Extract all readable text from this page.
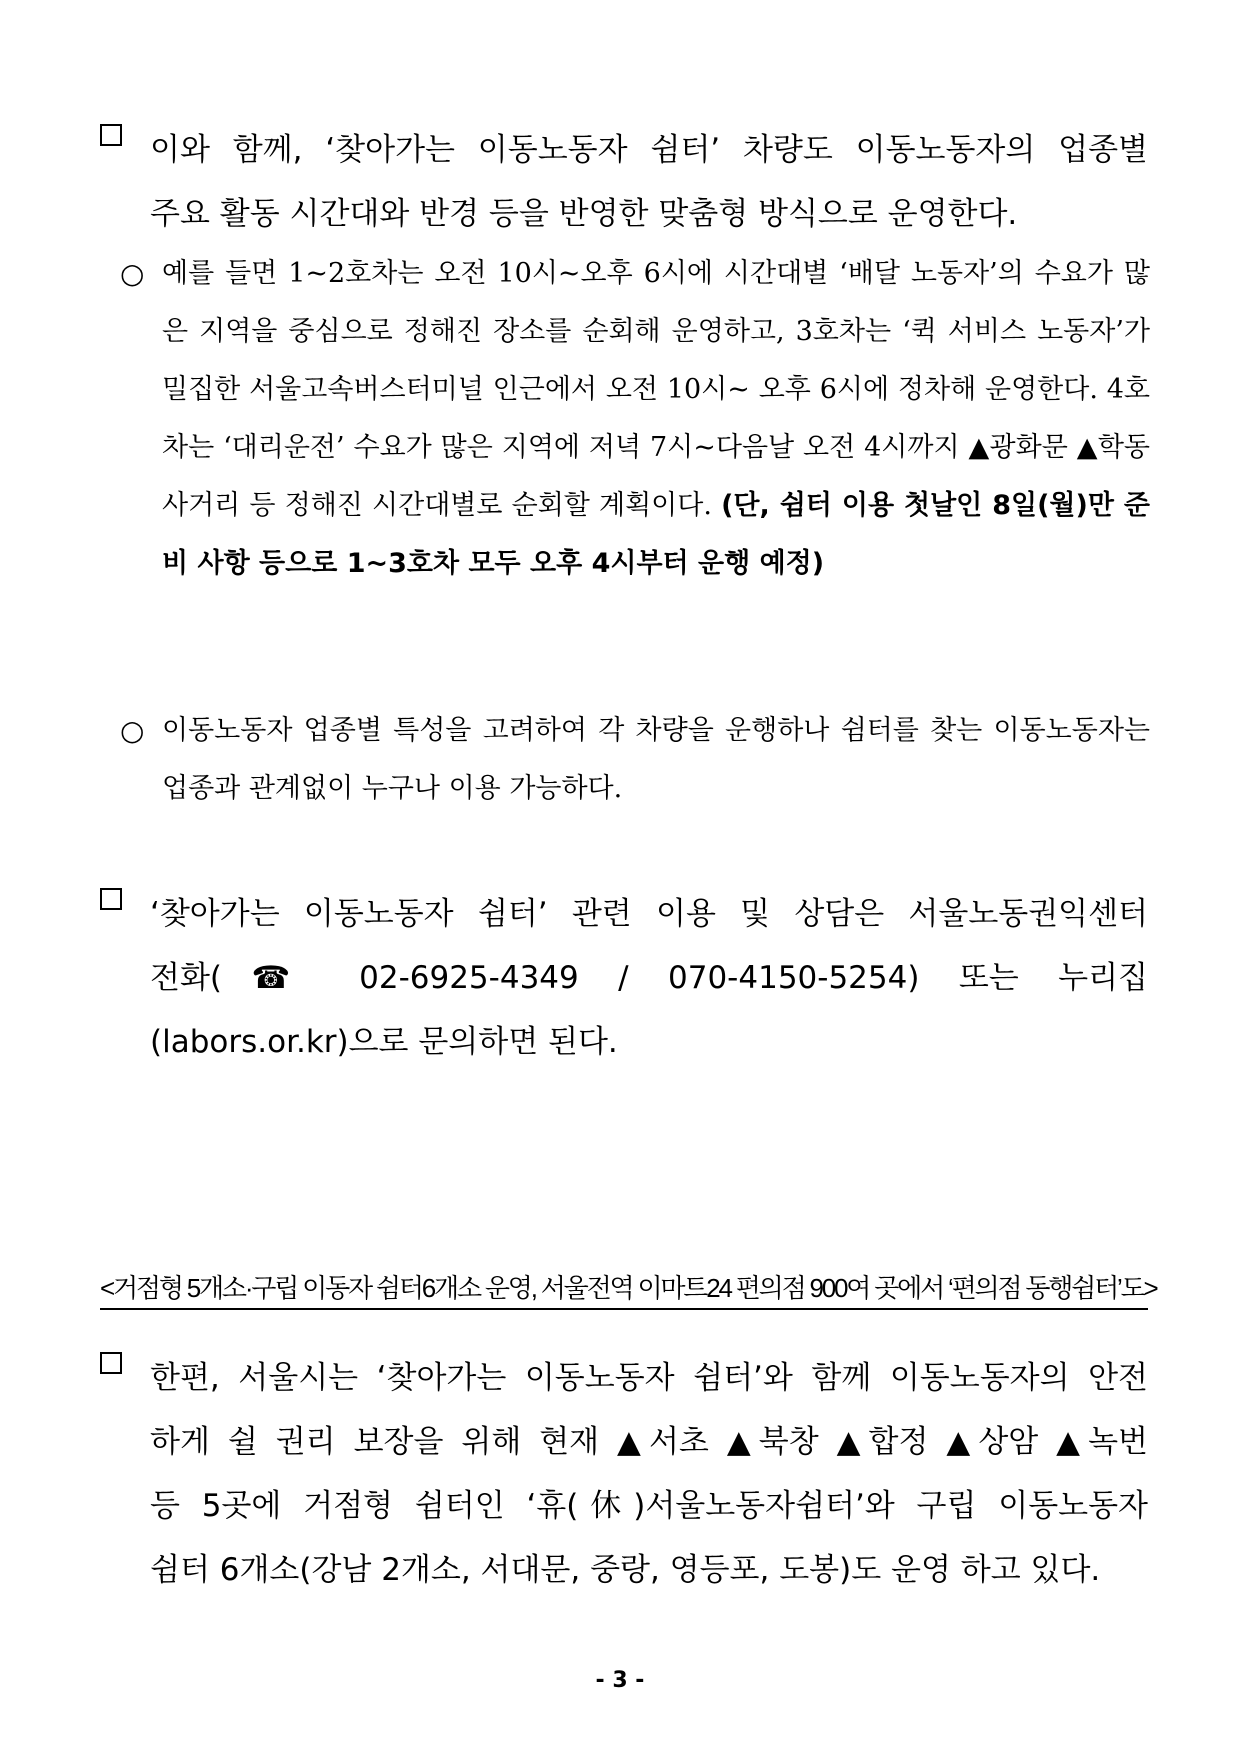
이와 함께, ‘찾아가는 이동노동자 쉼터’ 차량도 이동노동자의 업종별
주요 활동 시간대와 반경 등을 반영한 맞춤형 방식으로 운영한다.
○ 예를 들면 1~2호차는 오전 10시~오후 6시에 시간대별 ‘배달 노동자’의 수요가 많은 지역을 중심으로 정해진 장소를 순회해 운영하고, 3호차는 ‘퀵 서비스 노동자’가 밀집한 서울고속버스터미널 인근에서 오전 10시~ 오후 6시에 정차해 운영한다. 4호차는 ‘대리운전’ 수요가 많은 지역에 저녁 7시~다음날 오전 4시까지 ▲광화문 ▲학동 사거리 등 정해진 시간대별로 순회할 계획이다. (단, 쉼터 이용 첫날인 8일(월)만 준비 사항 등으로 1~3호차 모두 오후 4시부터 운행 예정)
○ 이동노동자 업종별 특성을 고려하여 각 차량을 운행하나 쉼터를 찾는 이동노동자는 업종과 관계없이 누구나 이용 가능하다.
‘찾아가는 이동노동자 쉼터’ 관련 이용 및 상담은 서울노동권익센터
전화(☎ 02-6925-4349 / 070-4150-5254) 또는 누리집
(labors.or.kr)으로 문의하면 된다.
<거점형 5개소·구립 이동자 쉼터6개소 운영, 서울전역 이마트24 편의점 900여 곳에서 ‘편의점 동행쉼터’도>
한편, 서울시는 ‘찾아가는 이동노동자 쉼터’와 함께 이동노동자의 안전
하게 쉴 권리 보장을 위해 현재 ▲서초 ▲북창 ▲합정 ▲상암 ▲녹번
등 5곳에 거점형 쉼터인 ‘휴(休)서울노동자쉼터’와 구립 이동노동자
쉼터 6개소(강남 2개소, 서대문, 중랑, 영등포, 도봉)도 운영 하고 있다.
- 3 -
